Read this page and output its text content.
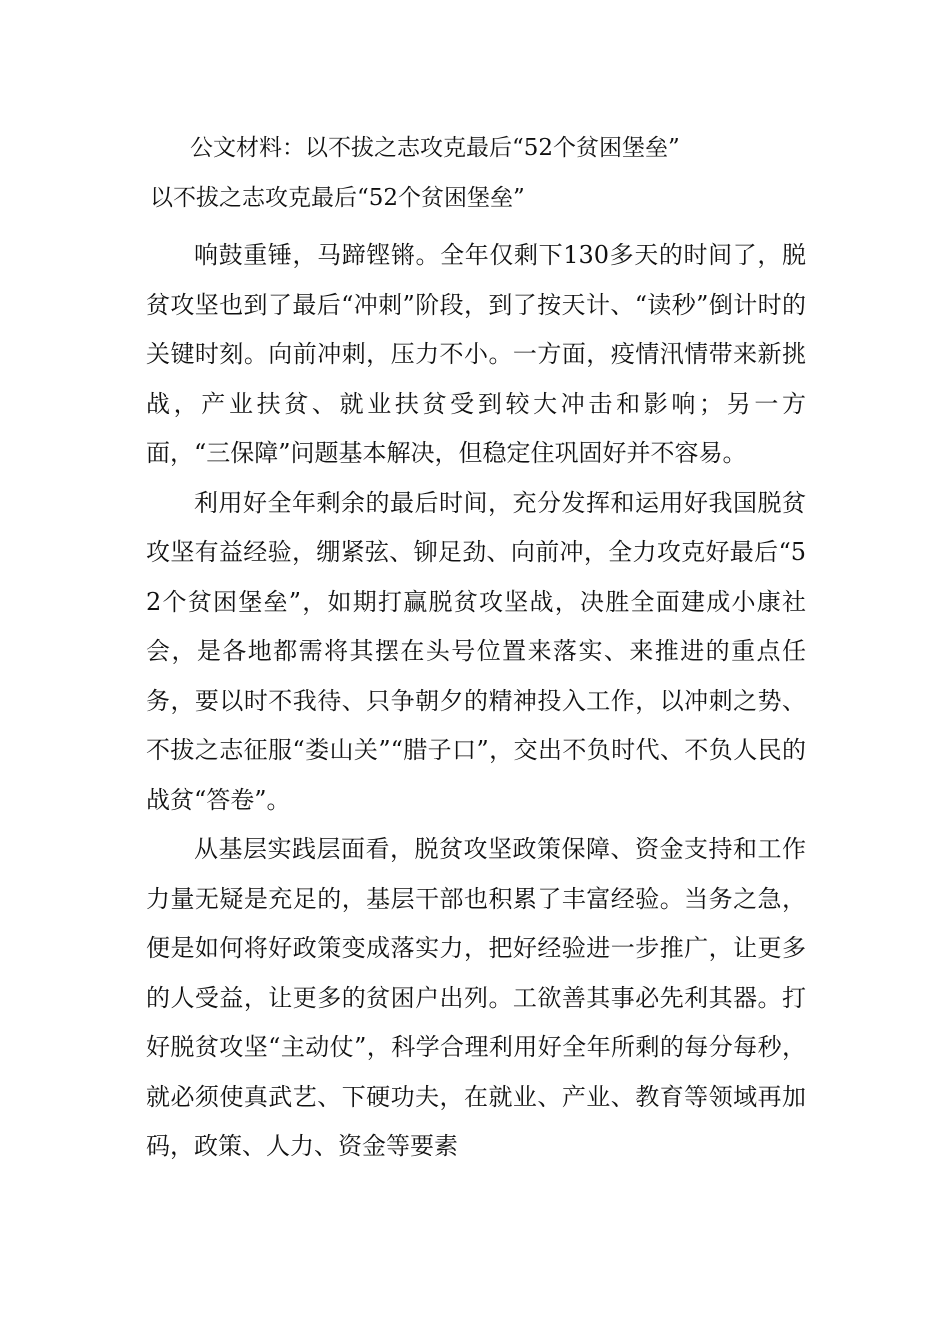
公文材料：以不拔之志攻克最后“52个贫困堡垒”
以不拔之志攻克最后“52个贫困堡垒”

响鼓重锤，马蹄铿锵。全年仅剩下130多天的时间了，脱贫攻坚也到了最后“冲刺”阶段，到了按天计、“读秒”倒计时的关键时刻。向前冲刺，压力不小。一方面，疫情汛情带来新挑战，产业扶贫、就业扶贫受到较大冲击和影响；另一方面，“三保障”问题基本解决，但稳定住巩固好并不容易。

利用好全年剩余的最后时间，充分发挥和运用好我国脱贫攻坚有益经验，绷紧弦、铆足劲、向前冲，全力攻克好最后“52个贫困堡垒”，如期打赢脱贫攻坚战，决胜全面建成小康社会，是各地都需将其摆在头号位置来落实、来推进的重点任务，要以时不我待、只争朝夕的精神投入工作，以冲刺之势、不拔之志征服“娄山关”“腊子口”，交出不负时代、不负人民的战贫“答卷”。

从基层实践层面看，脱贫攻坚政策保障、资金支持和工作力量无疑是充足的，基层干部也积累了丰富经验。当务之急，便是如何将好政策变成落实力，把好经验进一步推广，让更多的人受益，让更多的贫困户出列。工欲善其事必先利其器。打好脱贫攻坚“主动仗”，科学合理利用好全年所剩的每分每秒，就必须使真武艺、下硬功夫，在就业、产业、教育等领域再加码，政策、人力、资金等要素
